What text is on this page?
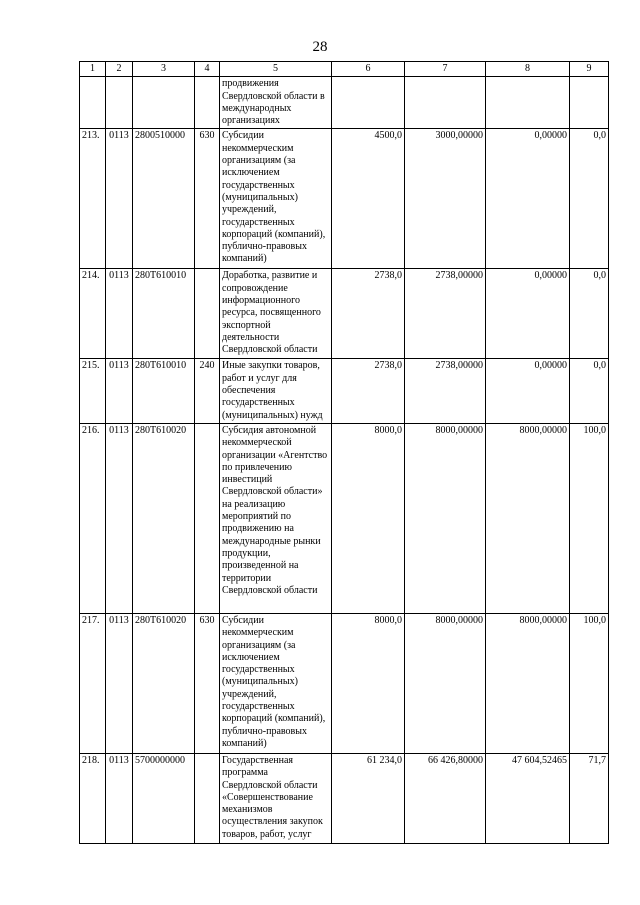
28
1	2	3	4	5	6	7	8	9
				продвижения Свердловской области в международных организациях				
213.	0113	2800510000	630	Субсидии некоммерческим организациям (за исключением государственных (муниципальных) учреждений, государственных корпораций (компаний), публично-правовых компаний)	4500,0	3000,00000	0,00000	0,0
214.	0113	280Т610010		Доработка, развитие и сопровождение информационного ресурса, посвященного экспортной деятельности Свердловской области	2738,0	2738,00000	0,00000	0,0
215.	0113	280Т610010	240	Иные закупки товаров, работ и услуг для обеспечения государственных (муниципальных) нужд	2738,0	2738,00000	0,00000	0,0
216.	0113	280Т610020		Субсидия автономной некоммерческой организации «Агентство по привлечению инвестиций Свердловской области» на реализацию мероприятий по продвижению на международные рынки продукции, произведенной на территории Свердловской области	8000,0	8000,00000	8000,00000	100,0
217.	0113	280Т610020	630	Субсидии некоммерческим организациям (за исключением государственных (муниципальных) учреждений, государственных корпораций (компаний), публично-правовых компаний)	8000,0	8000,00000	8000,00000	100,0
218.	0113	5700000000		Государственная программа Свердловской области «Совершенствование механизмов осуществления закупок товаров, работ, услуг	61 234,0	66 426,80000	47 604,52465	71,7
